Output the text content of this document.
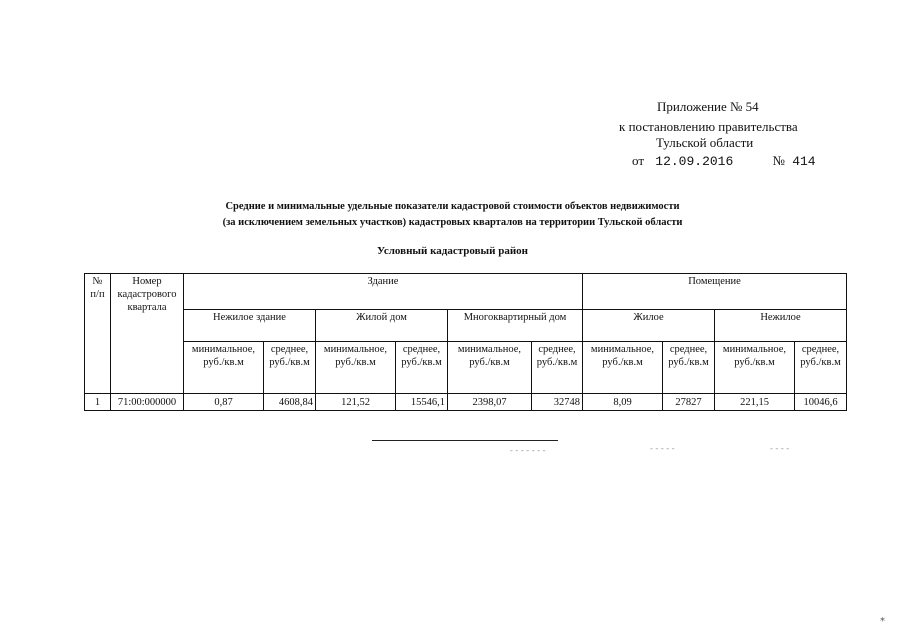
Приложение № 54
к постановлению правительства
Тульской области
от 12.09.2016	№ 414
Средние и минимальные удельные показатели кадастровой стоимости объектов недвижимости
(за исключением земельных участков) кадастровых кварталов на территории Тульской области
Условный кадастровый район
№ п/п	Номер кадастрового квартала	Здание						Помещение			
		Нежилое здание		Жилой дом		Многоквартирный дом		Жилое		Нежилое	
		минимальное, руб./кв.м	среднее, руб./кв.м	минимальное, руб./кв.м	среднее, руб./кв.м	минимальное, руб./кв.м	среднее, руб./кв.м	минимальное, руб./кв.м	среднее, руб./кв.м	минимальное, руб./кв.м	среднее, руб./кв.м
1	71:00:000000	0,87	4608,84	121,52	15546,1	2398,07	32748	8,09	27827	221,15	10046,6
- - - - - - -	- - - - -	- - - -
*
